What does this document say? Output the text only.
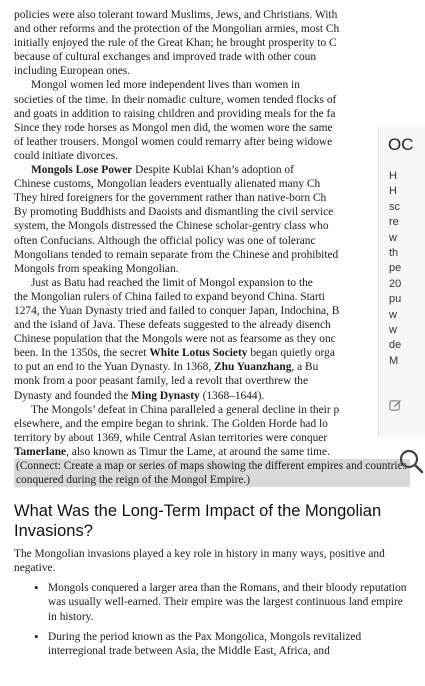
policies were also tolerant toward Muslims, Jews, and Christians. With
and other reforms and the protection of the Mongolian armies, most Ch
initially enjoyed the rule of the Great Khan; he brought prosperity to C
because of cultural exchanges and improved trade with other coun
including European ones.

Mongol women led more independent lives than women in
societies of the time. In their nomadic culture, women tended flocks of
and goats in addition to raising children and providing meals for the fa
Since they rode horses as Mongol men did, the women wore the same
of leather trousers. Mongol women could remarry after being widowe
could initiate divorces.

Mongols Lose Power Despite Kublai Khan’s adoption of
Chinese customs, Mongolian leaders eventually alienated many Ch
They hired foreigners for the government rather than native-born Ch
By promoting Buddhists and Daoists and dismantling the civil service
system, the Mongols distressed the Chinese scholar-gentry class who
often Confucians. Although the official policy was one of toleranc
Mongolians tended to remain separate from the Chinese and prohibited
Mongols from speaking Mongolian.

Just as Batu had reached the limit of Mongol expansion to the
the Mongolian rulers of China failed to expand beyond China. Starti
1274, the Yuan Dynasty tried and failed to conquer Japan, Indochina, B
and the island of Java. These defeats suggested to the already disench
Chinese population that the Mongols were not as fearsome as they onc
been. In the 1350s, the secret White Lotus Society began quietly orga
to put an end to the Yuan Dynasty. In 1368, Zhu Yuanzhang, a Bu
monk from a poor peasant family, led a revolt that overthrew the
Dynasty and founded the Ming Dynasty (1368–1644).

The Mongols’ defeat in China paralleled a general decline in their p
elsewhere, and the empire began to shrink. The Golden Horde had lo
territory by about 1369, while Central Asian territories were conquer
Tamerlane, also known as Timur the Lame, at around the same time.

(Connect: Create a map or series of maps showing the different empires and countries conquered during the reign of the Mongol Empire.)

What Was the Long-Term Impact of the Mongolian Invasions?

The Mongolian invasions played a key role in history in many ways, positive and negative.

• Mongols conquered a larger area than the Romans, and their bloody reputation was usually well-earned. Their empire was the largest continuous land empire in history.
• During the period known as the Pax Mongolica, Mongols revitalized interregional trade between Asia, the Middle East, Africa, and
OC
H
H
sc
re
w
th
pe
20
pu
w
w
de
M
